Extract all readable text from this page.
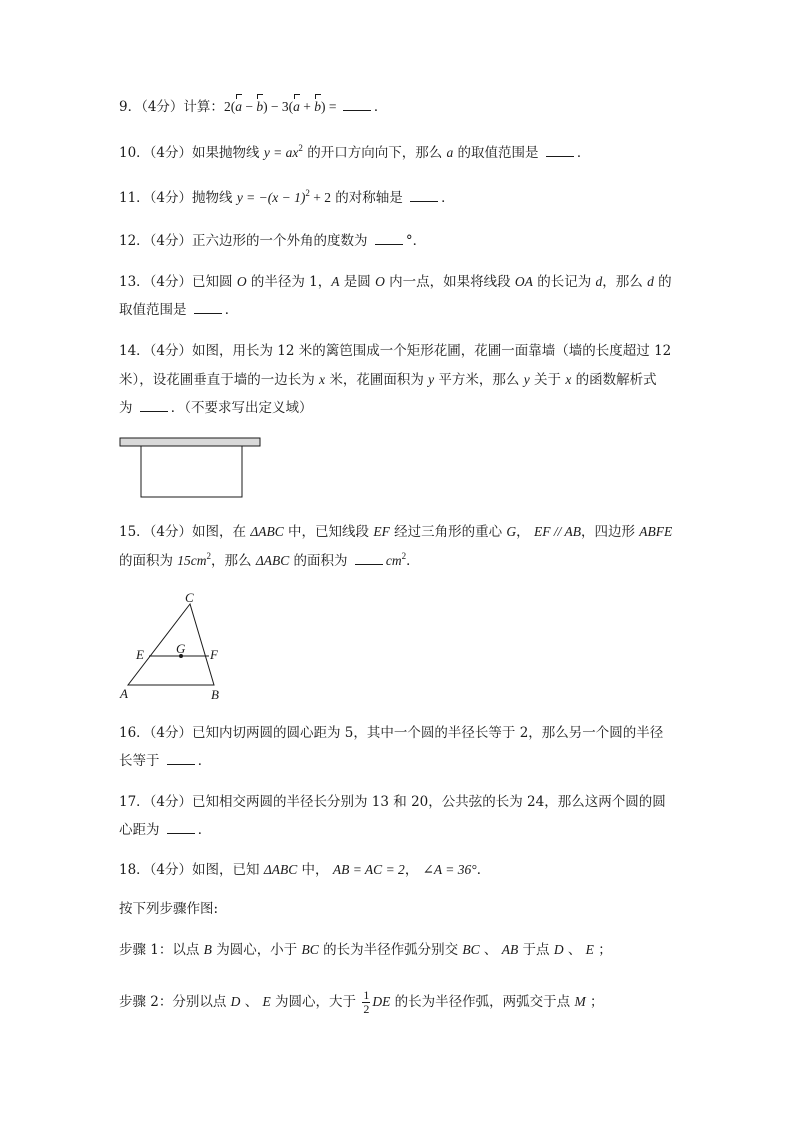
9．（4分）计算：2(a − b) − 3(a + b) =	．
10．（4分）如果抛物线 $y = ax^2$ 的开口方向向下，那么 a 的取值范围是	．
11．（4分）抛物线 $y = -(x - 1)^2 + 2$ 的对称轴是	．
12．（4分）正六边形的一个外角的度数为	°．
13．（4分）已知圆 O 的半径为 1，A 是圆 O 内一点，如果将线段 OA 的长记为 d，那么 d 的
取值范围是	．
14．（4分）如图，用长为 12 米的篱笆围成一个矩形花圃，花圃一面靠墙（墙的长度超过 12
米），设花圃垂直于墙的一边长为 x 米，花圃面积为 y 平方米，那么 y 关于 x 的函数解析式
为	．（不要求写出定义域）
15．（4分）如图，在 ΔABC 中，已知线段 EF 经过三角形的重心 G， EF // AB，四边形 ABFE
的面积为 $15cm^2$，那么 ΔABC 的面积为	$cm^2$．
C
E G F
A	B
16．（4分）已知内切两圆的圆心距为 5，其中一个圆的半径长等于 2，那么另一个圆的半径
长等于	．
17．（4分）已知相交两圆的半径长分别为 13 和 20，公共弦的长为 24，那么这两个圆的圆
心距为	．
18．（4分）如图，已知 ΔABC 中， AB = AC = 2， ∠A = 36°．
按下列步骤作图:
步骤 1：以点 B 为圆心，小于 BC 的长为半径作弧分别交 BC 、 AB 于点 D 、 E ；
步骤 2：分别以点 D 、 E 为圆心，大于 $\frac{1}{2}$ DE 的长为半径作弧，两弧交于点 M ；
